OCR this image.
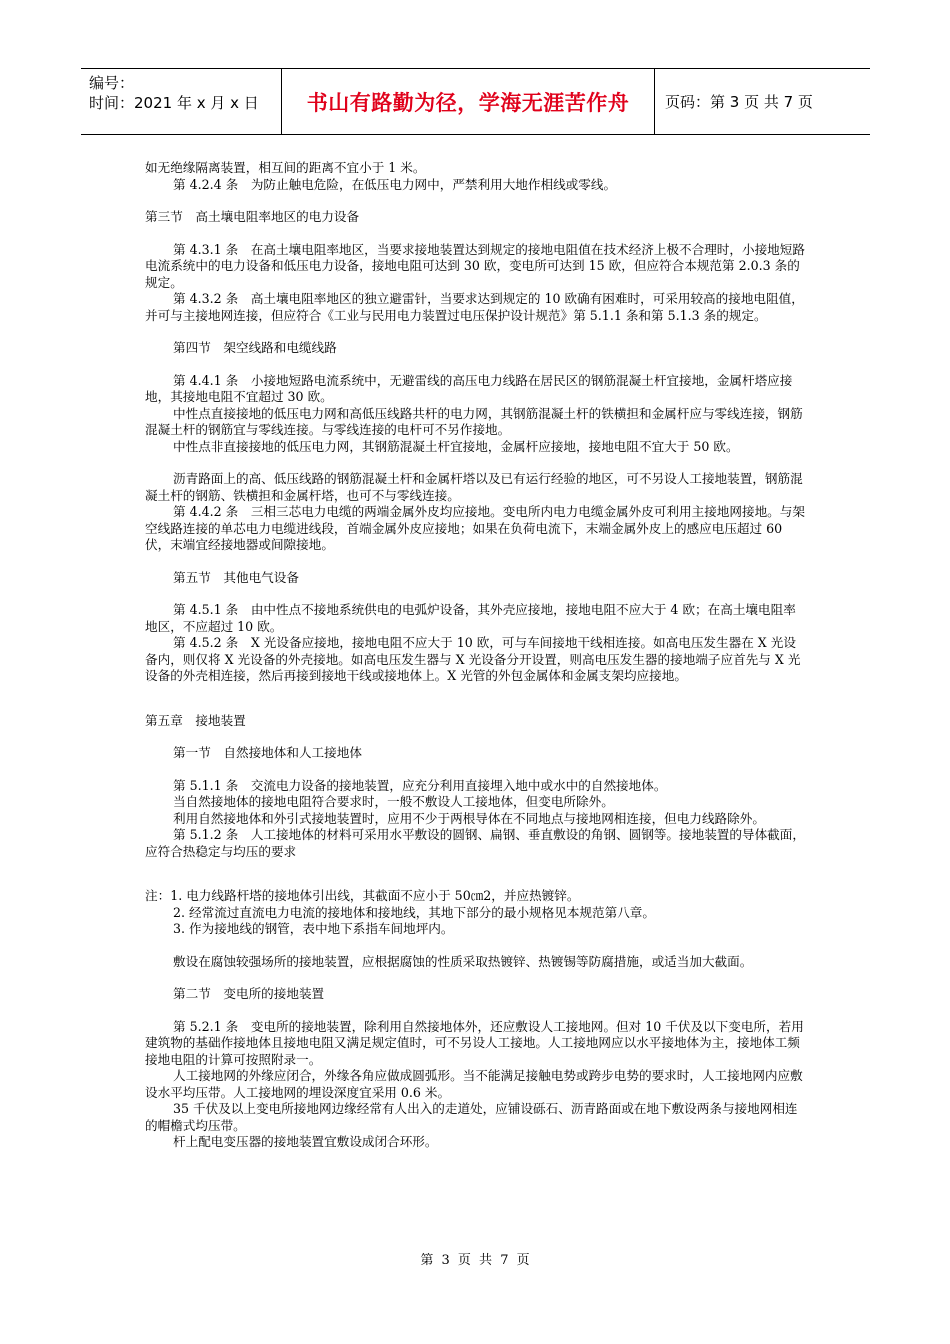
编号：
时间：2021 年 x 月 x 日	书山有路勤为径，学海无涯苦作舟	页码：第 3 页 共 7 页

如无绝缘隔离装置，相互间的距离不宜小于 1 米。

第 4.2.4 条　为防止触电危险，在低压电力网中，严禁利用大地作相线或零线。

第三节　高土壤电阻率地区的电力设备

第 4.3.1 条　在高土壤电阻率地区，当要求接地装置达到规定的接地电阻值在技术经济上极不合理时，小接地短路电流系统中的电力设备和低压电力设备，接地电阻可达到 30 欧，变电所可达到 15 欧，但应符合本规范第 2.0.3 条的规定。

第 4.3.2 条　高土壤电阻率地区的独立避雷针，当要求达到规定的 10 欧确有困难时，可采用较高的接地电阻值，并可与主接地网连接，但应符合《工业与民用电力装置过电压保护设计规范》第 5.1.1 条和第 5.1.3 条的规定。

第四节　架空线路和电缆线路

第 4.4.1 条　小接地短路电流系统中，无避雷线的高压电力线路在居民区的钢筋混凝土杆宜接地，金属杆塔应接地，其接地电阻不宜超过 30 欧。

中性点直接接地的低压电力网和高低压线路共杆的电力网，其钢筋混凝土杆的铁横担和金属杆应与零线连接，钢筋混凝土杆的钢筋宜与零线连接。与零线连接的电杆可不另作接地。

中性点非直接接地的低压电力网，其钢筋混凝土杆宜接地，金属杆应接地，接地电阻不宜大于 50 欧。

沥青路面上的高、低压线路的钢筋混凝土杆和金属杆塔以及已有运行经验的地区，可不另设人工接地装置，钢筋混凝土杆的钢筋、铁横担和金属杆塔，也可不与零线连接。

第 4.4.2 条　三相三芯电力电缆的两端金属外皮均应接地。变电所内电力电缆金属外皮可利用主接地网接地。与架空线路连接的单芯电力电缆进线段，首端金属外皮应接地；如果在负荷电流下，末端金属外皮上的感应电压超过 60 伏，末端宜经接地器或间隙接地。

第五节　其他电气设备

第 4.5.1 条　由中性点不接地系统供电的电弧炉设备，其外壳应接地，接地电阻不应大于 4 欧；在高土壤电阻率地区，不应超过 10 欧。

第 4.5.2 条　X 光设备应接地，接地电阻不应大于 10 欧，可与车间接地干线相连接。如高电压发生器在 X 光设备内，则仅将 X 光设备的外壳接地。如高电压发生器与 X 光设备分开设置，则高电压发生器的接地端子应首先与 X 光设备的外壳相连接，然后再接到接地干线或接地体上。X 光管的外包金属体和金属支架均应接地。

第五章　接地装置

第一节　自然接地体和人工接地体

第 5.1.1 条　交流电力设备的接地装置，应充分利用直接埋入地中或水中的自然接地体。

当自然接地体的接地电阻符合要求时，一般不敷设人工接地体，但变电所除外。

利用自然接地体和外引式接地装置时，应用不少于两根导体在不同地点与接地网相连接，但电力线路除外。

第 5.1.2 条　人工接地体的材料可采用水平敷设的圆钢、扁钢、垂直敷设的角钢、圆钢等。接地装置的导体截面，应符合热稳定与均压的要求

注：1. 电力线路杆塔的接地体引出线，其截面不应小于 50㎝2，并应热镀锌。

2. 经常流过直流电力电流的接地体和接地线，其地下部分的最小规格见本规范第八章。

3. 作为接地线的钢管，表中地下系指车间地坪内。

敷设在腐蚀较强场所的接地装置，应根据腐蚀的性质采取热镀锌、热镀锡等防腐措施，或适当加大截面。

第二节　变电所的接地装置

第 5.2.1 条　变电所的接地装置，除利用自然接地体外，还应敷设人工接地网。但对 10 千伏及以下变电所，若用建筑物的基础作接地体且接地电阻又满足规定值时，可不另设人工接地。人工接地网应以水平接地体为主，接地体工频接地电阻的计算可按照附录一。

人工接地网的外缘应闭合，外缘各角应做成圆弧形。当不能满足接触电势或跨步电势的要求时，人工接地网内应敷设水平均压带。人工接地网的埋设深度宜采用 0.6 米。

35 千伏及以上变电所接地网边缘经常有人出入的走道处，应铺设砾石、沥青路面或在地下敷设两条与接地网相连的帽檐式均压带。

杆上配电变压器的接地装置宜敷设成闭合环形。

第 3 页 共 7 页
